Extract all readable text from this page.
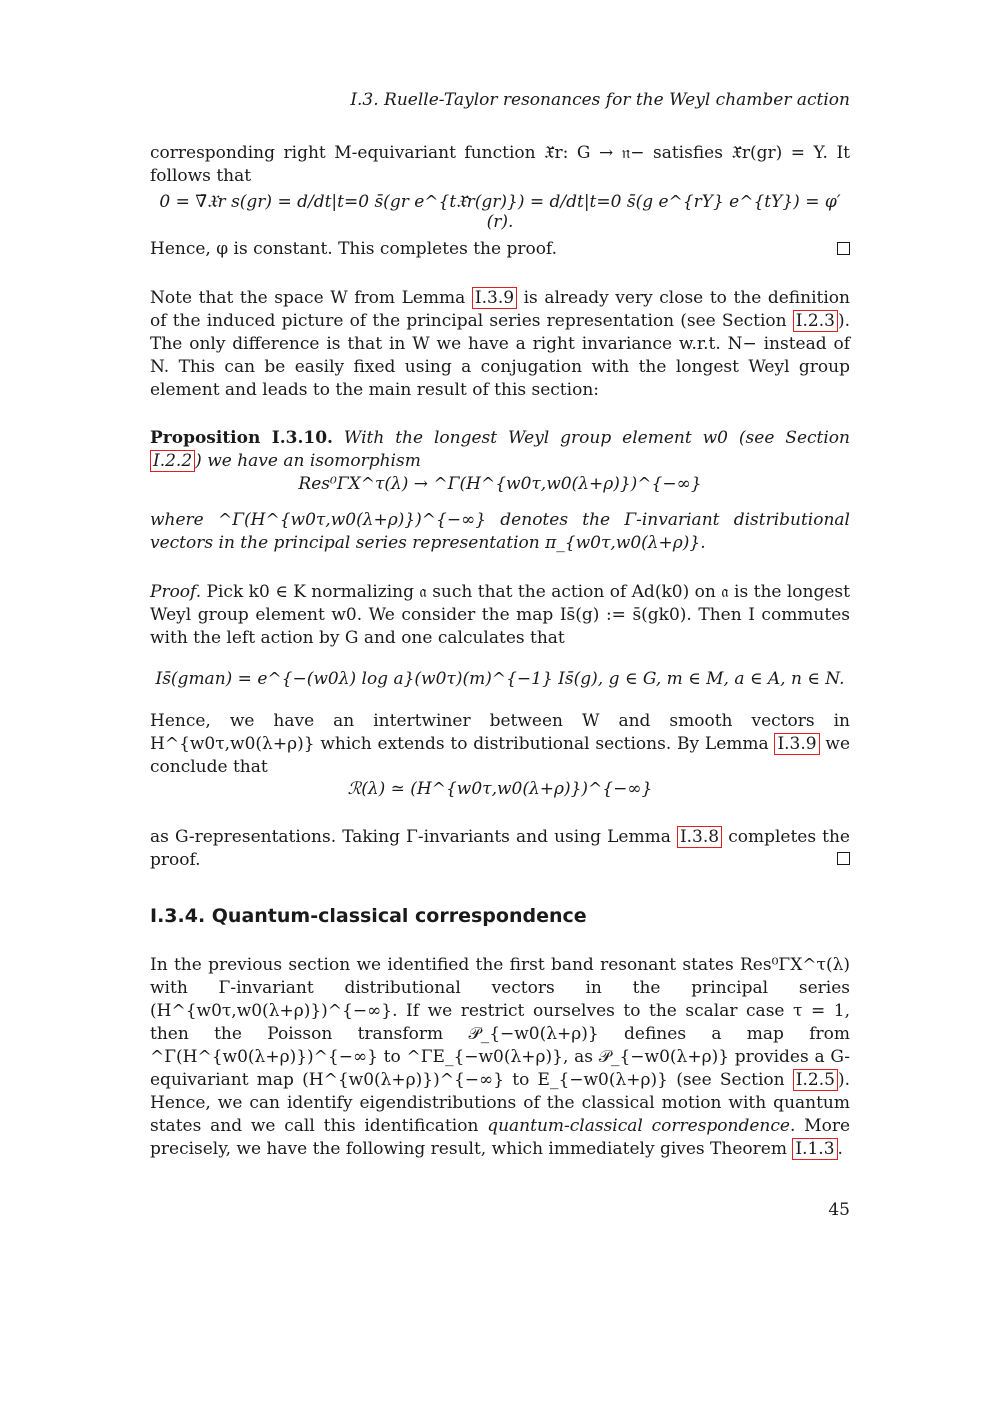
I.3. Ruelle-Taylor resonances for the Weyl chamber action
corresponding right M-equivariant function 𝔛̄r: G → 𝔫− satisfies 𝔛̄r(gr) = Y. It follows that
0 = ∇̄𝔛r s(gr) = d/dt|t=0 s̄(gr e^{t𝔛̄r(gr)}) = d/dt|t=0 s̄(g e^{rY} e^{tY}) = φ′(r).
Hence, φ is constant. This completes the proof.
Note that the space W from Lemma I.3.9 is already very close to the definition of the induced picture of the principal series representation (see Section I.2.3 ). The only difference is that in W we have a right invariance w.r.t. N− instead of N. This can be easily fixed using a conjugation with the longest Weyl group element and leads to the main result of this section:
Proposition I.3.10. With the longest Weyl group element w0 (see Section I.2.2 ) we have an isomorphism
Res⁰ΓX^τ(λ) → ^Γ(H^{w0τ,w0(λ+ρ)})^{−∞}
where ^Γ(H^{w0τ,w0(λ+ρ)})^{−∞} denotes the Γ-invariant distributional vectors in the principal series representation π_{w0τ,w0(λ+ρ)}.
Proof. Pick k0 ∈ K normalizing 𝔞 such that the action of Ad(k0) on 𝔞 is the longest Weyl group element w0. We consider the map Is̄(g) := s̄(gk0). Then I commutes with the left action by G and one calculates that
Is̄(gman) = e^{−(w0λ) log a}(w0τ)(m)^{−1} Is̄(g), g ∈ G, m ∈ M, a ∈ A, n ∈ N.
Hence, we have an intertwiner between W and smooth vectors in H^{w0τ,w0(λ+ρ)} which extends to distributional sections. By Lemma I.3.9 we conclude that
ℛ(λ) ≃ (H^{w0τ,w0(λ+ρ)})^{−∞}
as G-representations. Taking Γ-invariants and using Lemma I.3.8 completes the proof.
I.3.4. Quantum-classical correspondence
In the previous section we identified the first band resonant states Res⁰ΓX^τ(λ) with Γ-invariant distributional vectors in the principal series (H^{w0τ,w0(λ+ρ)})^{−∞}. If we restrict ourselves to the scalar case τ = 1, then the Poisson transform 𝒫_{−w0(λ+ρ)} defines a map from ^Γ(H^{w0(λ+ρ)})^{−∞} to ^ΓE_{−w0(λ+ρ)}, as 𝒫_{−w0(λ+ρ)} provides a G-equivariant map (H^{w0(λ+ρ)})^{−∞} to E_{−w0(λ+ρ)} (see Section I.2.5 ). Hence, we can identify eigendistributions of the classical motion with quantum states and we call this identification quantum-classical correspondence. More precisely, we have the following result, which immediately gives Theorem I.1.3 .
45
